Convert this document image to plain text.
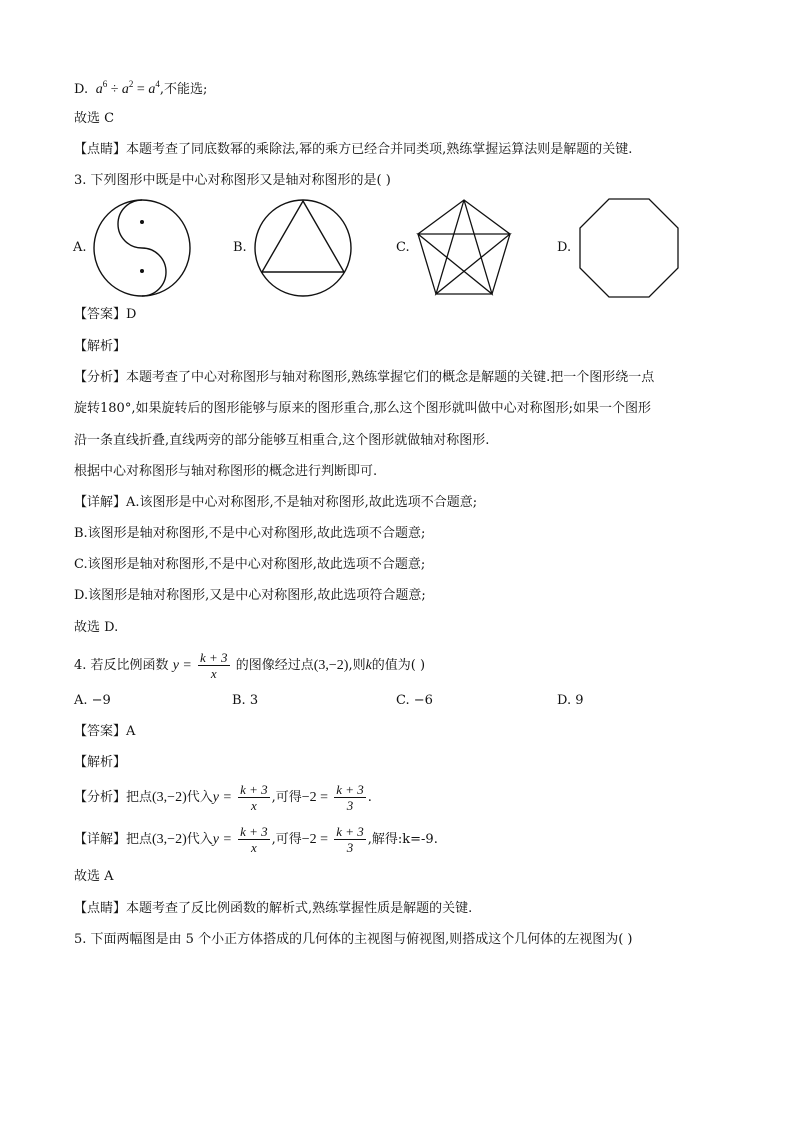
D. $a^6 \div a^2 = a^4$,不能选;
故选 C
【点睛】本题考查了同底数幂的乘除法,幂的乘方已经合并同类项,熟练掌握运算法则是解题的关键.
3. 下列图形中既是中心对称图形又是轴对称图形的是( )
A.	B.	C.	D.
【答案】D
【解析】
【分析】本题考查了中心对称图形与轴对称图形,熟练掌握它们的概念是解题的关键.把一个图形绕一点
旋转180°,如果旋转后的图形能够与原来的图形重合,那么这个图形就叫做中心对称图形;如果一个图形
沿一条直线折叠,直线两旁的部分能够互相重合,这个图形就做轴对称图形.
根据中心对称图形与轴对称图形的概念进行判断即可.
【详解】A.该图形是中心对称图形,不是轴对称图形,故此选项不合题意;
B.该图形是轴对称图形,不是中心对称图形,故此选项不合题意;
C.该图形是轴对称图形,不是中心对称图形,故此选项不合题意;
D.该图形是轴对称图形,又是中心对称图形,故此选项符合题意;
故选 D.
4. 若反比例函数 $y = \frac{k + 3}{x}$ 的图像经过点(3,−2),则k的值为( )
A. −9	B. 3	C. −6	D. 9
【答案】A
【解析】
【分析】把点(3,−2)代入$y = \frac{k + 3}{x}$ ,可得$-2 = \frac{k + 3}{3}$ .
【详解】把点(3,−2)代入$y = \frac{k + 3}{x}$ ,可得$-2 = \frac{k + 3}{3}$ ,解得:k=-9.
故选 A
【点睛】本题考查了反比例函数的解析式,熟练掌握性质是解题的关键.
5. 下面两幅图是由 5 个小正方体搭成的几何体的主视图与俯视图,则搭成这个几何体的左视图为( )
